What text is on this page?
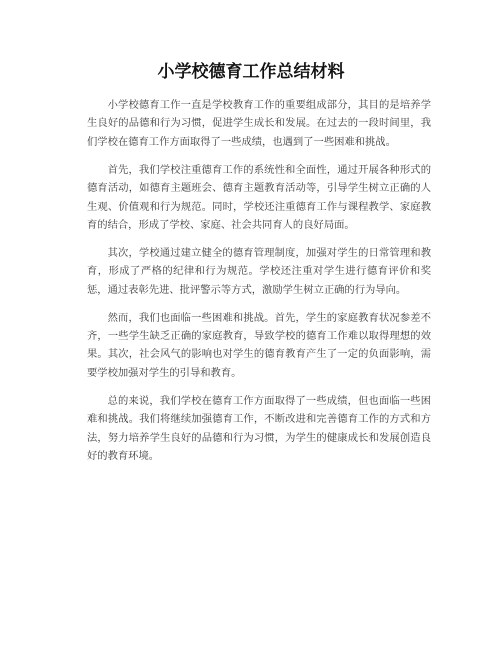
小学校德育工作总结材料

小学校德育工作一直是学校教育工作的重要组成部分，其目的是培养学生良好的品德和行为习惯，促进学生成长和发展。在过去的一段时间里，我们学校在德育工作方面取得了一些成绩，也遇到了一些困难和挑战。

首先，我们学校注重德育工作的系统性和全面性，通过开展各种形式的德育活动，如德育主题班会、德育主题教育活动等，引导学生树立正确的人生观、价值观和行为规范。同时，学校还注重德育工作与课程教学、家庭教育的结合，形成了学校、家庭、社会共同育人的良好局面。

其次，学校通过建立健全的德育管理制度，加强对学生的日常管理和教育，形成了严格的纪律和行为规范。学校还注重对学生进行德育评价和奖惩，通过表彰先进、批评警示等方式，激励学生树立正确的行为导向。

然而，我们也面临一些困难和挑战。首先，学生的家庭教育状况参差不齐，一些学生缺乏正确的家庭教育，导致学校的德育工作难以取得理想的效果。其次，社会风气的影响也对学生的德育教育产生了一定的负面影响，需要学校加强对学生的引导和教育。

总的来说，我们学校在德育工作方面取得了一些成绩，但也面临一些困难和挑战。我们将继续加强德育工作，不断改进和完善德育工作的方式和方法，努力培养学生良好的品德和行为习惯，为学生的健康成长和发展创造良好的教育环境。
